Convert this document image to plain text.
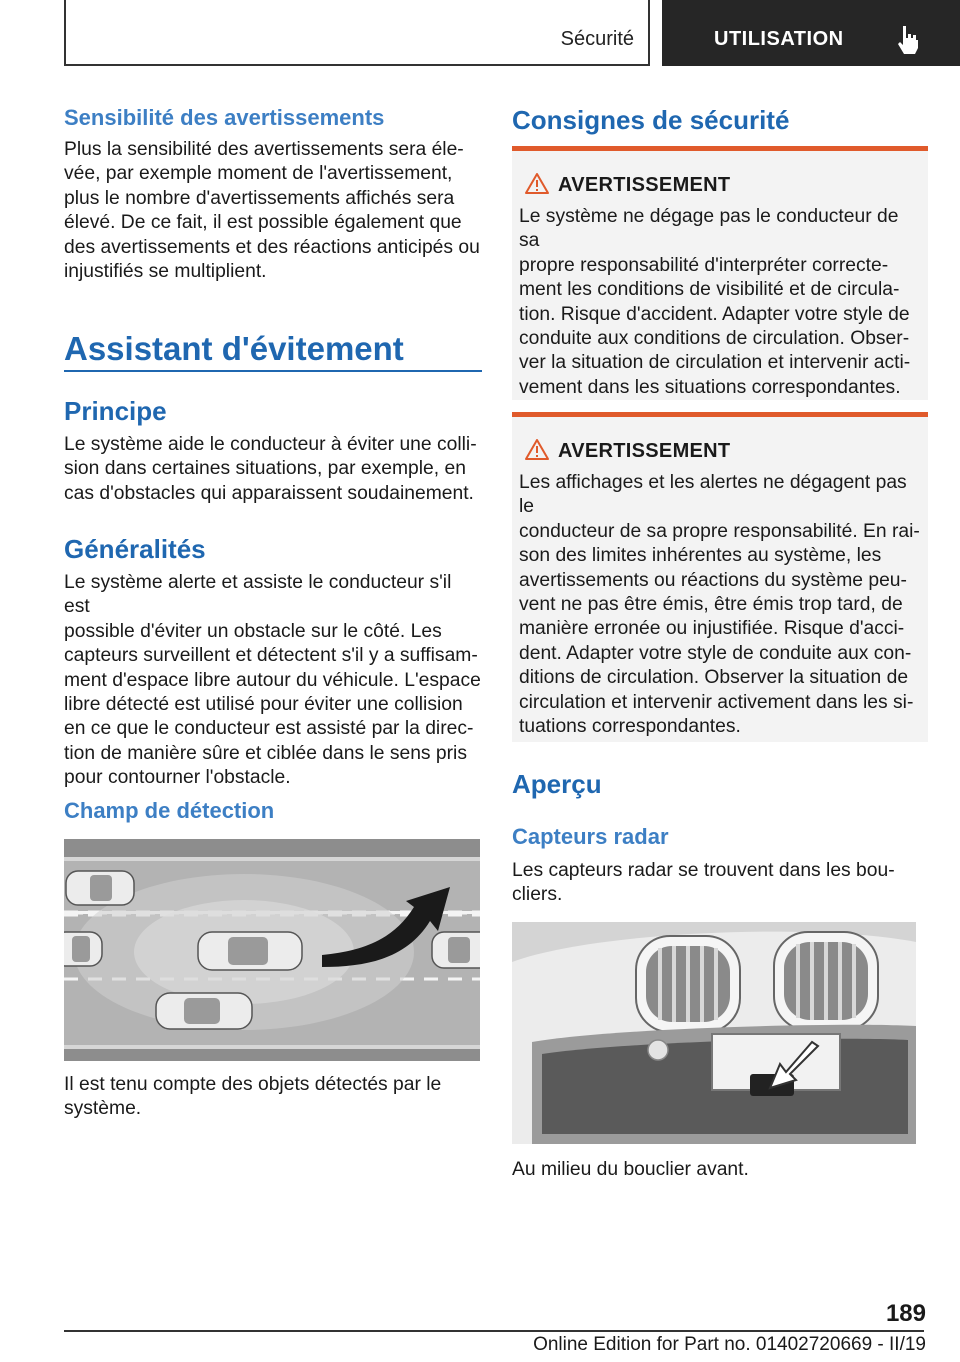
Sécurité	UTILISATION
Sensibilité des avertissements
Plus la sensibilité des avertissements sera éle-
vée, par exemple moment de l'avertissement,
plus le nombre d'avertissements affichés sera
élevé. De ce fait, il est possible également que
des avertissements et des réactions anticipés ou
injustifiés se multiplient.
Assistant d'évitement
Principe
Le système aide le conducteur à éviter une colli-
sion dans certaines situations, par exemple, en
cas d'obstacles qui apparaissent soudainement.
Généralités
Le système alerte et assiste le conducteur s'il est
possible d'éviter un obstacle sur le côté. Les
capteurs surveillent et détectent s'il y a suffisam-
ment d'espace libre autour du véhicule. L'espace
libre détecté est utilisé pour éviter une collision
en ce que le conducteur est assisté par la direc-
tion de manière sûre et ciblée dans le sens pris
pour contourner l'obstacle.
Champ de détection
Il est tenu compte des objets détectés par le
système.
Consignes de sécurité
AVERTISSEMENT
Le système ne dégage pas le conducteur de sa
propre responsabilité d'interpréter correcte-
ment les conditions de visibilité et de circula-
tion. Risque d'accident. Adapter votre style de
conduite aux conditions de circulation. Obser-
ver la situation de circulation et intervenir acti-
vement dans les situations correspondantes.
AVERTISSEMENT
Les affichages et les alertes ne dégagent pas le
conducteur de sa propre responsabilité. En rai-
son des limites inhérentes au système, les
avertissements ou réactions du système peu-
vent ne pas être émis, être émis trop tard, de
manière erronée ou injustifiée. Risque d'acci-
dent. Adapter votre style de conduite aux con-
ditions de circulation. Observer la situation de
circulation et intervenir activement dans les si-
tuations correspondantes.
Aperçu
Capteurs radar
Les capteurs radar se trouvent dans les bou-
cliers.
Au milieu du bouclier avant.
189
Online Edition for Part no. 01402720669 - II/19
